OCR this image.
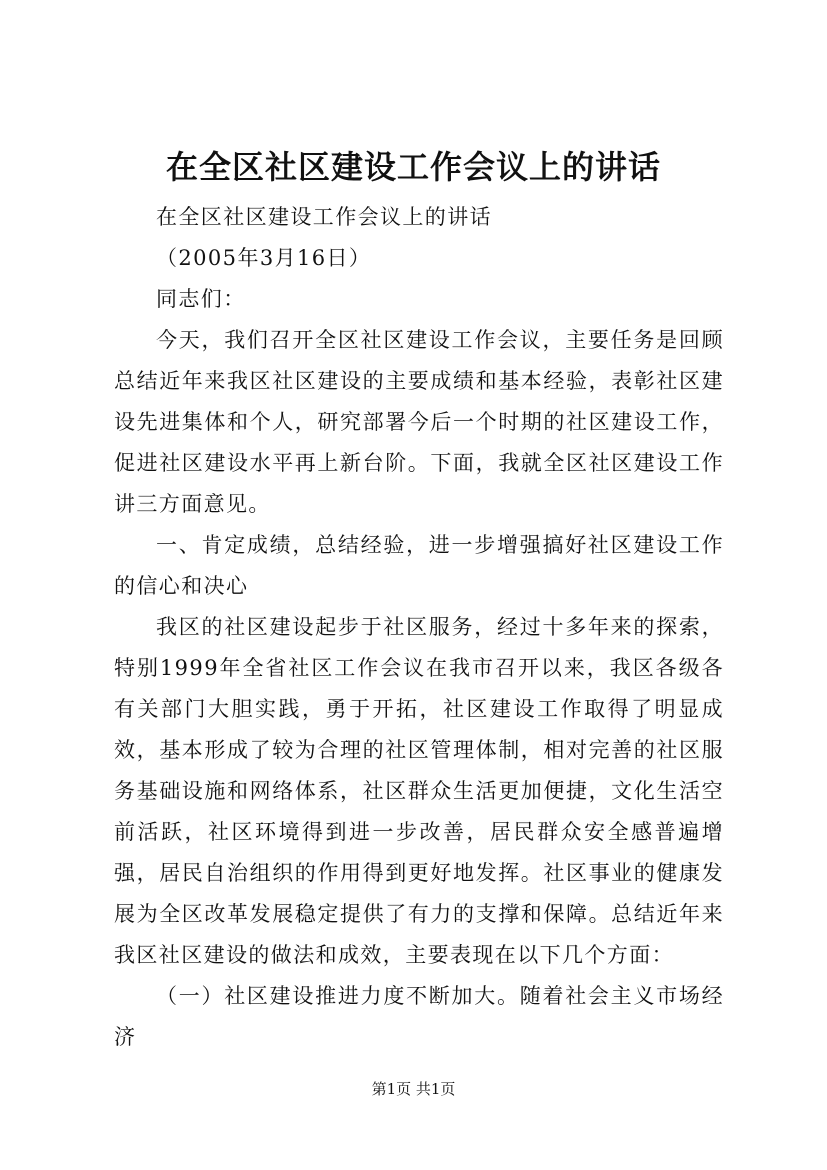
在全区社区建设工作会议上的讲话

在全区社区建设工作会议上的讲话

（2005年3月16日）

同志们：

今天，我们召开全区社区建设工作会议，主要任务是回顾总结近年来我区社区建设的主要成绩和基本经验，表彰社区建设先进集体和个人，研究部署今后一个时期的社区建设工作，促进社区建设水平再上新台阶。下面，我就全区社区建设工作讲三方面意见。

一、肯定成绩，总结经验，进一步增强搞好社区建设工作的信心和决心

我区的社区建设起步于社区服务，经过十多年来的探索，特别1999年全省社区工作会议在我市召开以来，我区各级各有关部门大胆实践，勇于开拓，社区建设工作取得了明显成效，基本形成了较为合理的社区管理体制，相对完善的社区服务基础设施和网络体系，社区群众生活更加便捷，文化生活空前活跃，社区环境得到进一步改善，居民群众安全感普遍增强，居民自治组织的作用得到更好地发挥。社区事业的健康发展为全区改革发展稳定提供了有力的支撑和保障。总结近年来我区社区建设的做法和成效，主要表现在以下几个方面：

（一）社区建设推进力度不断加大。随着社会主义市场经济

第1页 共1页
